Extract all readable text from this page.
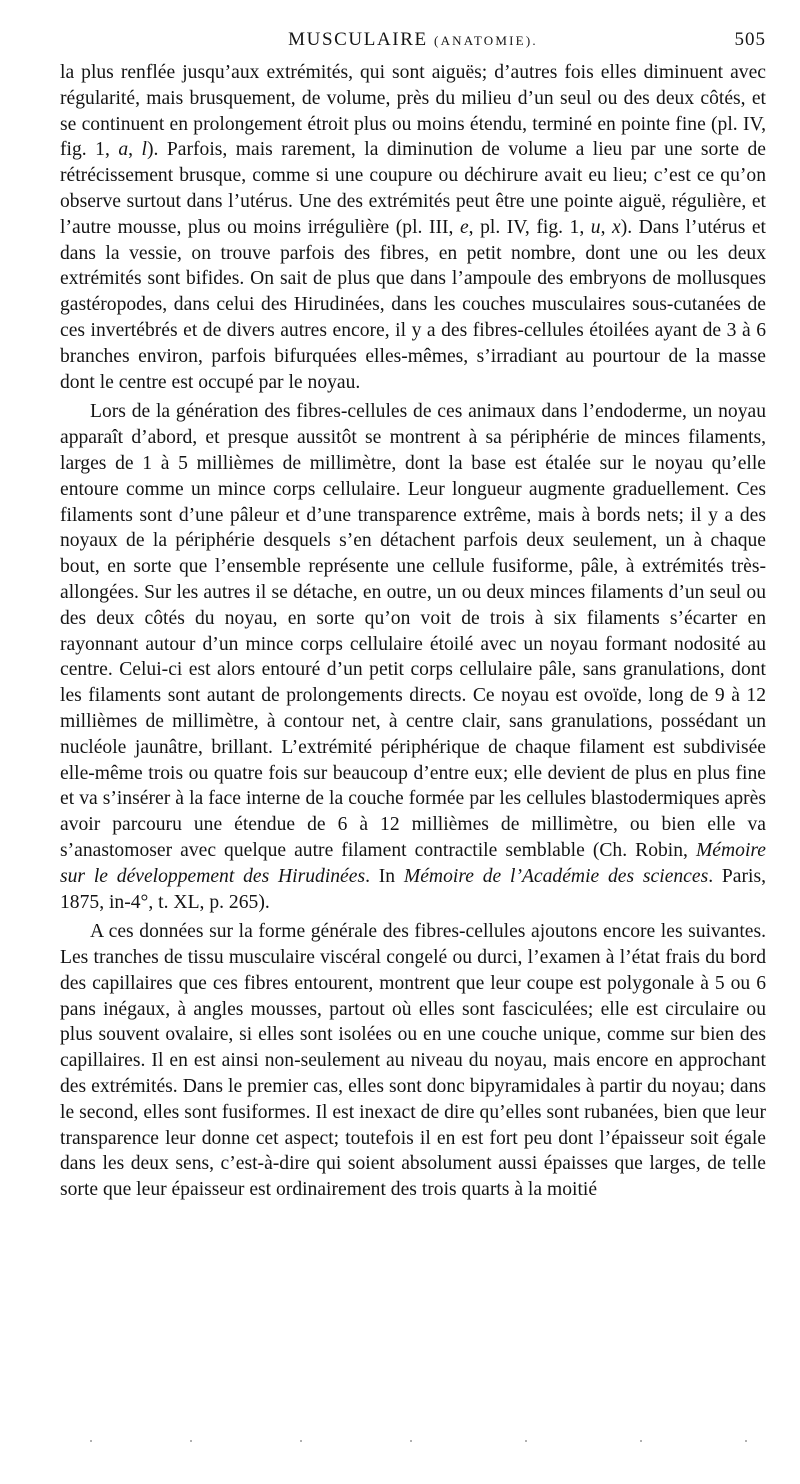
MUSCULAIRE (ANATOMIE).	505

la plus renflée jusqu’aux extrémités, qui sont aiguës; d’autres fois elles diminuent avec régularité, mais brusquement, de volume, près du milieu d’un seul ou des deux côtés, et se continuent en prolongement étroit plus ou moins étendu, terminé en pointe fine (pl. IV, fig. 1, a, l). Parfois, mais rarement, la diminution de volume a lieu par une sorte de rétrécissement brusque, comme si une coupure ou déchirure avait eu lieu; c’est ce qu’on observe surtout dans l’utérus. Une des extrémités peut être une pointe aiguë, régulière, et l’autre mousse, plus ou moins irrégulière (pl. III, e, pl. IV, fig. 1, u, x). Dans l’utérus et dans la vessie, on trouve parfois des fibres, en petit nombre, dont une ou les deux extrémités sont bifides. On sait de plus que dans l’ampoule des embryons de mollusques gastéropodes, dans celui des Hirudinées, dans les couches musculaires sous-cutanées de ces invertébrés et de divers autres encore, il y a des fibres-cellules étoilées ayant de 3 à 6 branches environ, parfois bifurquées elles-mêmes, s’irradiant au pourtour de la masse dont le centre est occupé par le noyau.

Lors de la génération des fibres-cellules de ces animaux dans l’endoderme, un noyau apparaît d’abord, et presque aussitôt se montrent à sa périphérie de minces filaments, larges de 1 à 5 millièmes de millimètre, dont la base est étalée sur le noyau qu’elle entoure comme un mince corps cellulaire. Leur longueur augmente graduellement. Ces filaments sont d’une pâleur et d’une transparence extrême, mais à bords nets; il y a des noyaux de la périphérie desquels s’en détachent parfois deux seulement, un à chaque bout, en sorte que l’ensemble représente une cellule fusiforme, pâle, à extrémités très-allongées. Sur les autres il se détache, en outre, un ou deux minces filaments d’un seul ou des deux côtés du noyau, en sorte qu’on voit de trois à six filaments s’écarter en rayonnant autour d’un mince corps cellulaire étoilé avec un noyau formant nodosité au centre. Celui-ci est alors entouré d’un petit corps cellulaire pâle, sans granulations, dont les filaments sont autant de prolongements directs. Ce noyau est ovoïde, long de 9 à 12 millièmes de millimètre, à contour net, à centre clair, sans granulations, possédant un nucléole jaunâtre, brillant. L’extrémité périphérique de chaque filament est subdivisée elle-même trois ou quatre fois sur beaucoup d’entre eux; elle devient de plus en plus fine et va s’insérer à la face interne de la couche formée par les cellules blastodermiques après avoir parcouru une étendue de 6 à 12 millièmes de millimètre, ou bien elle va s’anastomoser avec quelque autre filament contractile semblable (Ch. Robin, Mémoire sur le développement des Hirudinées. In Mémoire de l’Académie des sciences. Paris, 1875, in-4°, t. XL, p. 265).

A ces données sur la forme générale des fibres-cellules ajoutons encore les suivantes. Les tranches de tissu musculaire viscéral congelé ou durci, l’examen à l’état frais du bord des capillaires que ces fibres entourent, montrent que leur coupe est polygonale à 5 ou 6 pans inégaux, à angles mousses, partout où elles sont fasciculées; elle est circulaire ou plus souvent ovalaire, si elles sont isolées ou en une couche unique, comme sur bien des capillaires. Il en est ainsi non-seulement au niveau du noyau, mais encore en approchant des extrémités. Dans le premier cas, elles sont donc bipyramidales à partir du noyau; dans le second, elles sont fusiformes. Il est inexact de dire qu’elles sont rubanées, bien que leur transparence leur donne cet aspect; toutefois il en est fort peu dont l’épaisseur soit égale dans les deux sens, c’est-à-dire qui soient absolument aussi épaisses que larges, de telle sorte que leur épaisseur est ordinairement des trois quarts à la moitié
